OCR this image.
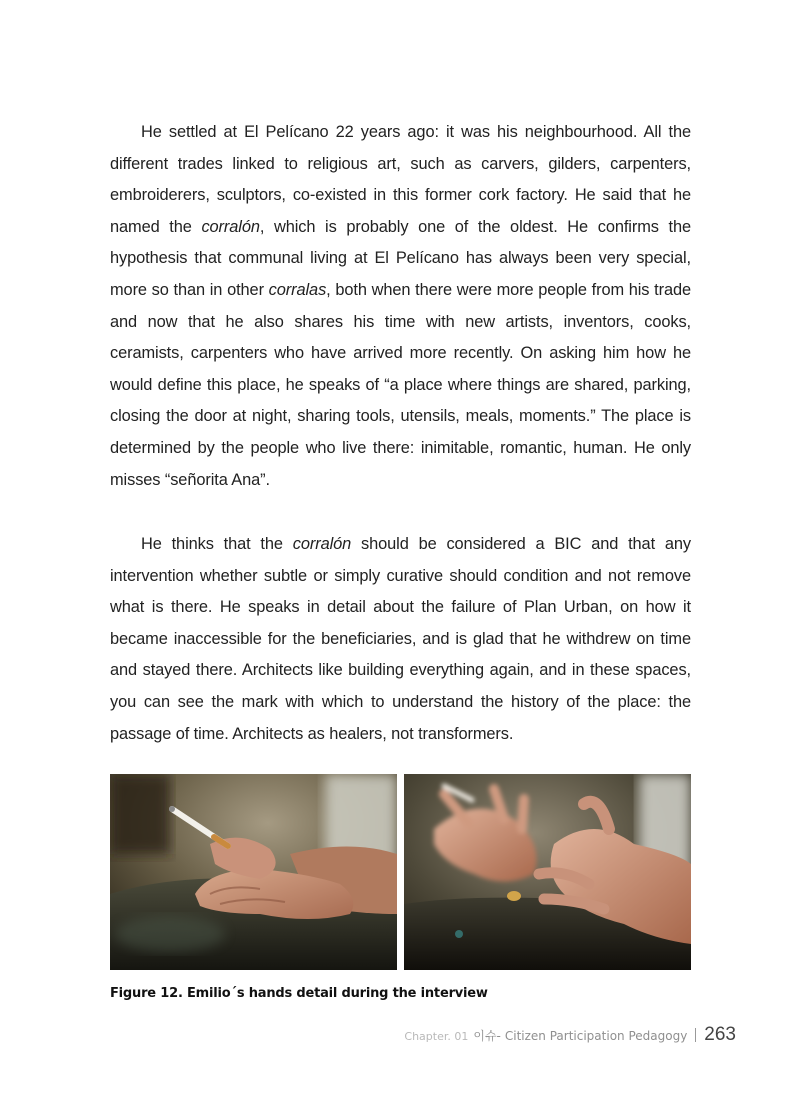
He settled at El Pelícano 22 years ago: it was his neighbourhood. All the different trades linked to religious art, such as carvers, gilders, carpenters, embroiderers, sculptors, co-existed in this former cork factory. He said that he named the corralón, which is probably one of the oldest. He confirms the hypothesis that communal living at El Pelícano has always been very special, more so than in other corralas, both when there were more people from his trade and now that he also shares his time with new artists, inventors, cooks, ceramists, carpenters who have arrived more recently. On asking him how he would define this place, he speaks of “a place where things are shared, parking, closing the door at night, sharing tools, utensils, meals, moments.” The place is determined by the people who live there: inimitable, romantic, human. He only misses “señorita Ana”.

He thinks that the corralón should be considered a BIC and that any intervention whether subtle or simply curative should condition and not remove what is there. He speaks in detail about the failure of Plan Urban, on how it became inaccessible for the beneficiaries, and is glad that he withdrew on time and stayed there. Architects like building everything again, and in these spaces, you can see the mark with which to understand the history of the place: the passage of time. Architects as healers, not transformers.

Figure 12. Emilio´s hands detail during the interview
Chapter. 01 이슈- Citizen Participation Pedagogy 263
